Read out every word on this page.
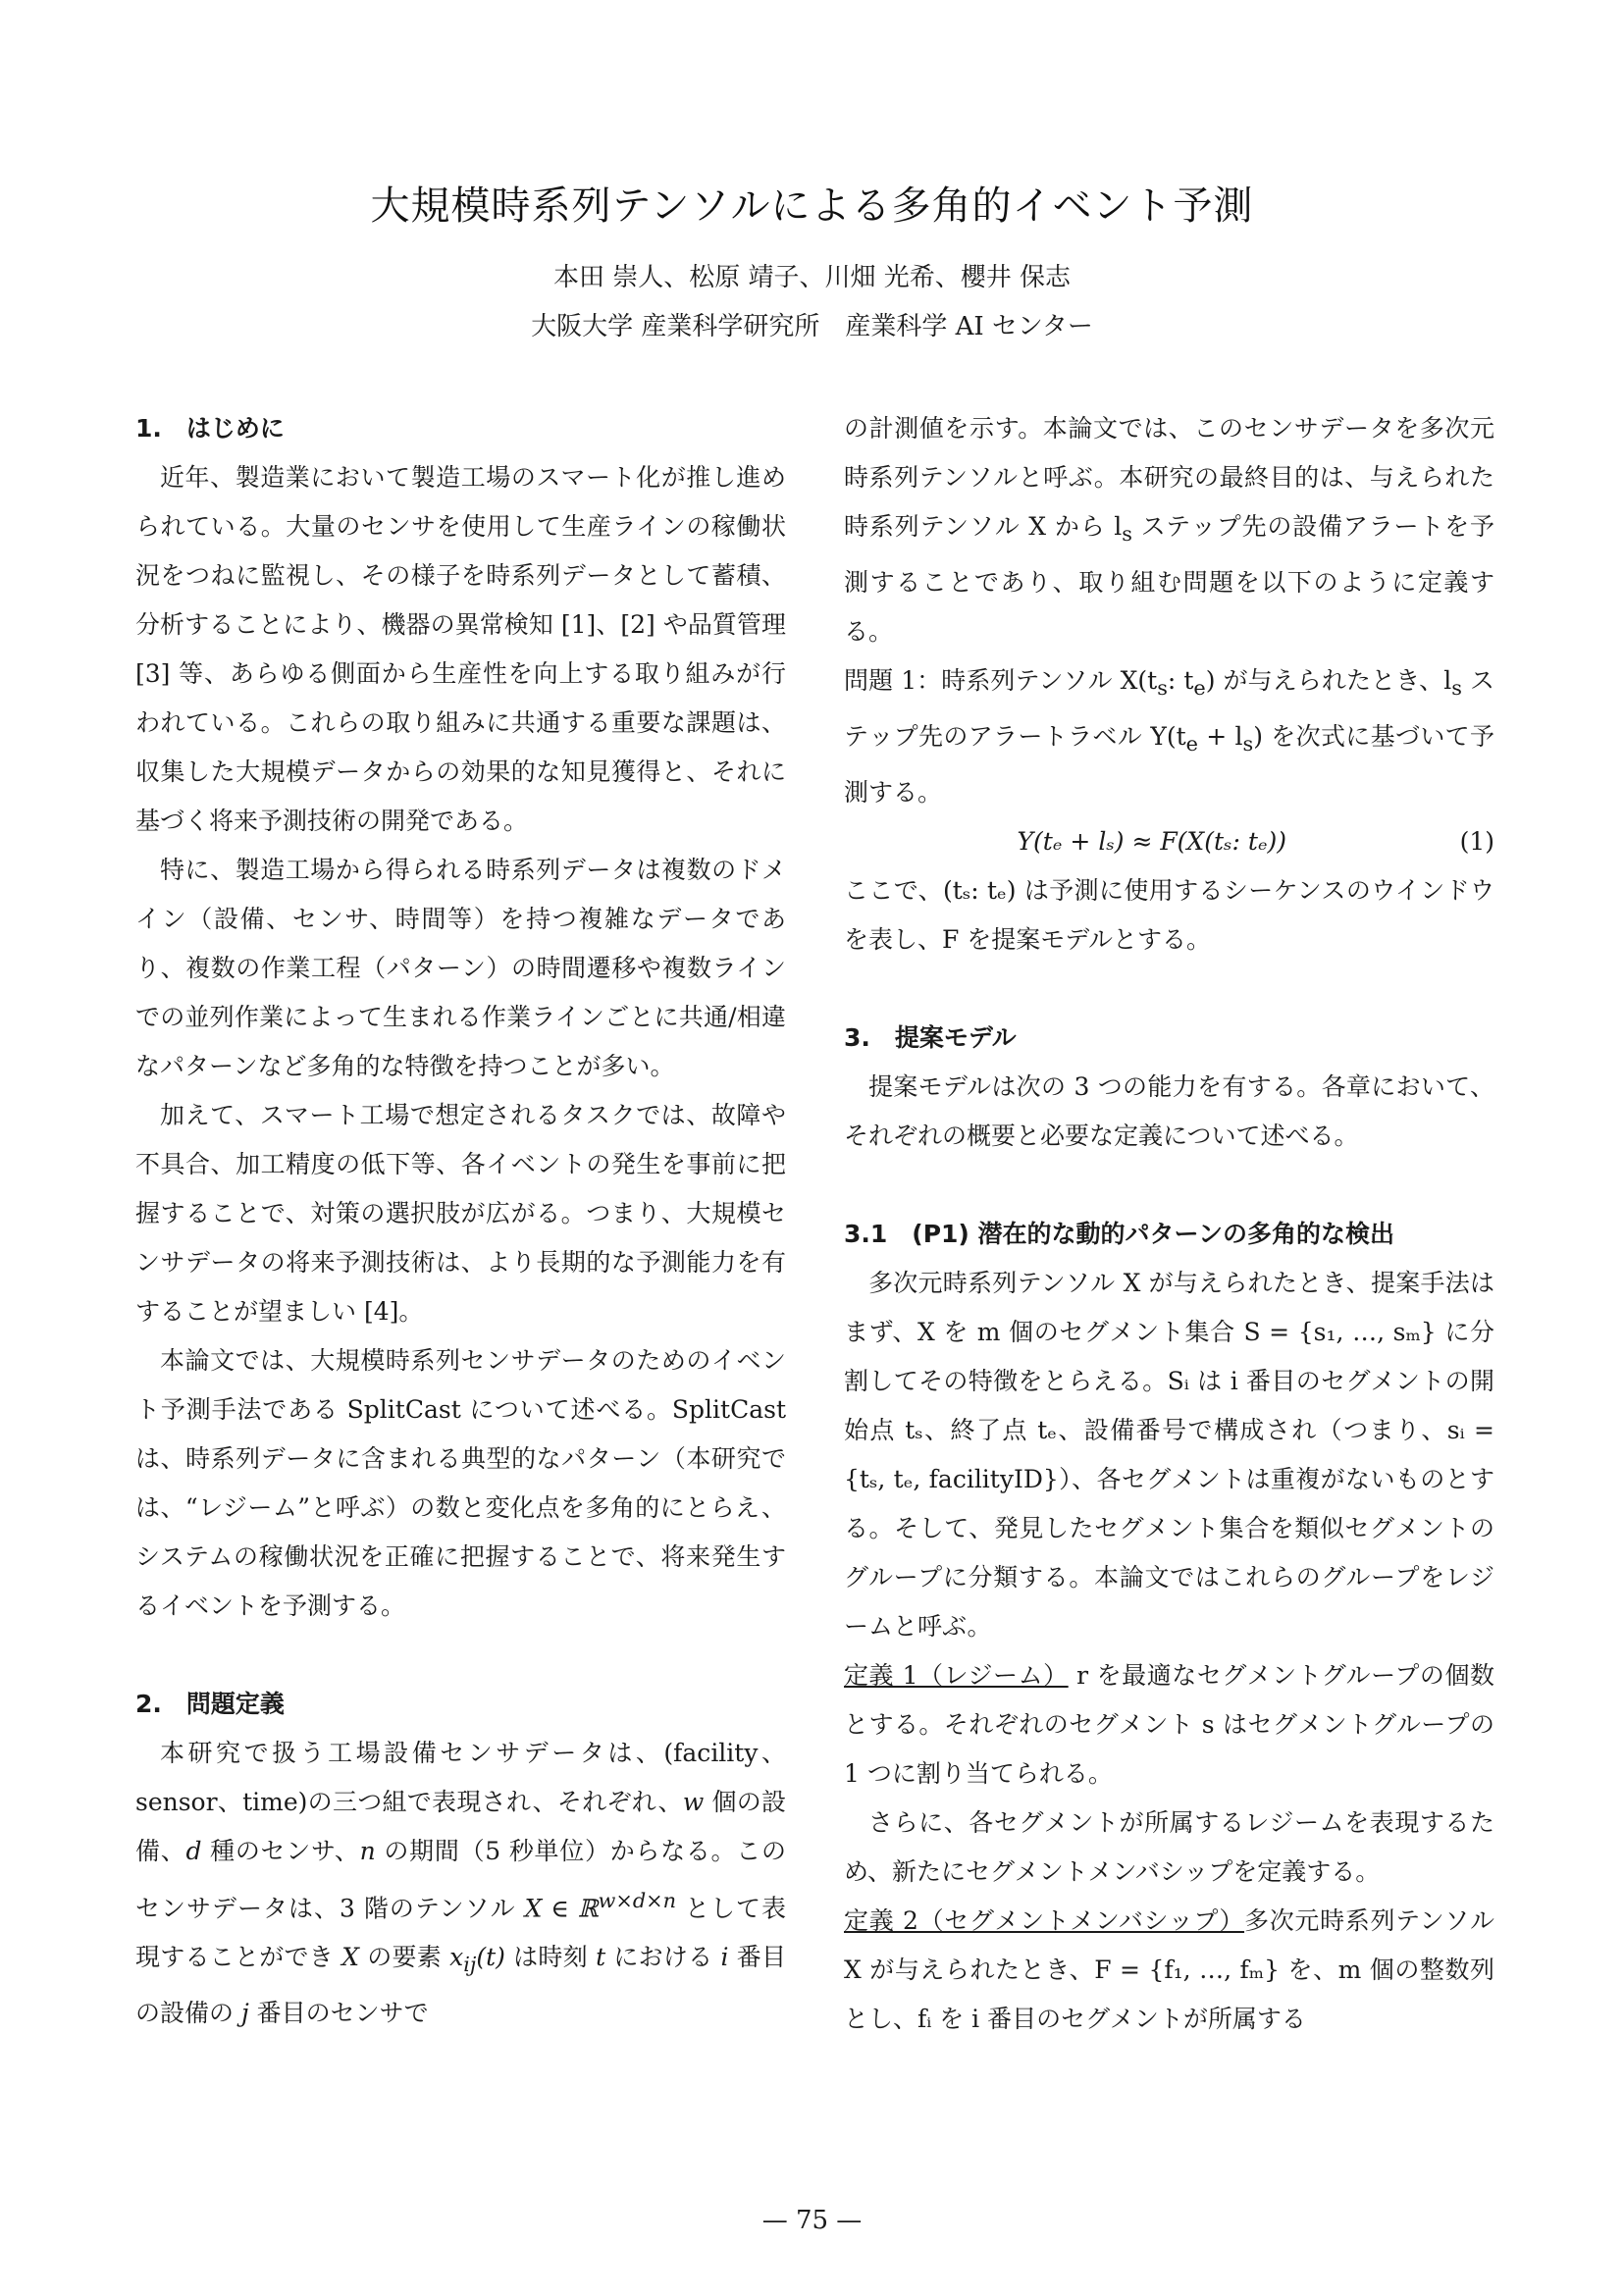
大規模時系列テンソルによる多角的イベント予測
本田 崇人、松原 靖子、川畑 光希、櫻井 保志
大阪大学 産業科学研究所　産業科学 AI センター
1.　はじめに

近年、製造業において製造工場のスマート化が推し進められている。大量のセンサを使用して生産ラインの稼働状況をつねに監視し、その様子を時系列データとして蓄積、分析することにより、機器の異常検知 [1]、[2] や品質管理 [3] 等、あらゆる側面から生産性を向上する取り組みが行われている。これらの取り組みに共通する重要な課題は、収集した大規模データからの効果的な知見獲得と、それに基づく将来予測技術の開発である。

特に、製造工場から得られる時系列データは複数のドメイン（設備、センサ、時間等）を持つ複雑なデータであり、複数の作業工程（パターン）の時間遷移や複数ラインでの並列作業によって生まれる作業ラインごとに共通/相違なパターンなど多角的な特徴を持つことが多い。

加えて、スマート工場で想定されるタスクでは、故障や不具合、加工精度の低下等、各イベントの発生を事前に把握することで、対策の選択肢が広がる。つまり、大規模センサデータの将来予測技術は、より長期的な予測能力を有することが望ましい [4]。

本論文では、大規模時系列センサデータのためのイベント予測手法である SplitCast について述べる。SplitCast は、時系列データに含まれる典型的なパターン（本研究では、“レジーム”と呼ぶ）の数と変化点を多角的にとらえ、システムの稼働状況を正確に把握することで、将来発生するイベントを予測する。

2.　問題定義

本研究で扱う工場設備センサデータは、(facility、sensor、time)の三つ組で表現され、それぞれ、w 個の設備、d 種のセンサ、n の期間（5 秒単位）からなる。このセンサデータは、3 階のテンソル X ∈ ℝ$^{w\times d\times n}$ として表現することができ X の要素 $x_{ij}(t)$ は時刻 t における i 番目の設備の j 番目のセンサで

の計測値を示す。本論文では、このセンサデータを多次元時系列テンソルと呼ぶ。本研究の最終目的は、与えられた時系列テンソル X から $l_s$ ステップ先の設備アラートを予測することであり、取り組む問題を以下のように定義する。

問題 1：時系列テンソル $X(t_s$: $t_e$) が与えられたとき、$l_s$ ステップ先のアラートラベル $Y(t_e + l_s)$ を次式に基づいて予測する。

Y(tₑ + lₛ) ≈ F(X(tₛ: tₑ))	(1)

ここで、(tₛ: tₑ) は予測に使用するシーケンスのウインドウを表し、F を提案モデルとする。

3.　提案モデル

提案モデルは次の 3 つの能力を有する。各章において、それぞれの概要と必要な定義について述べる。

3.1　(P1) 潜在的な動的パターンの多角的な検出

多次元時系列テンソル X が与えられたとき、提案手法はまず、X を m 個のセグメント集合 S = {s₁, …, sₘ} に分割してその特徴をとらえる。Sᵢ は i 番目のセグメントの開始点 tₛ、終了点 tₑ、設備番号で構成され（つまり、sᵢ = {tₛ, tₑ, facilityID}）、各セグメントは重複がないものとする。そして、発見したセグメント集合を類似セグメントのグループに分類する。本論文ではこれらのグループをレジームと呼ぶ。

定義 1（レジーム） r を最適なセグメントグループの個数とする。それぞれのセグメント s はセグメントグループの 1 つに割り当てられる。

さらに、各セグメントが所属するレジームを表現するため、新たにセグメントメンバシップを定義する。

定義 2（セグメントメンバシップ）多次元時系列テンソル X が与えられたとき、F = {f₁, …, fₘ} を、m 個の整数列とし、fᵢ を i 番目のセグメントが所属する

— 75 —
